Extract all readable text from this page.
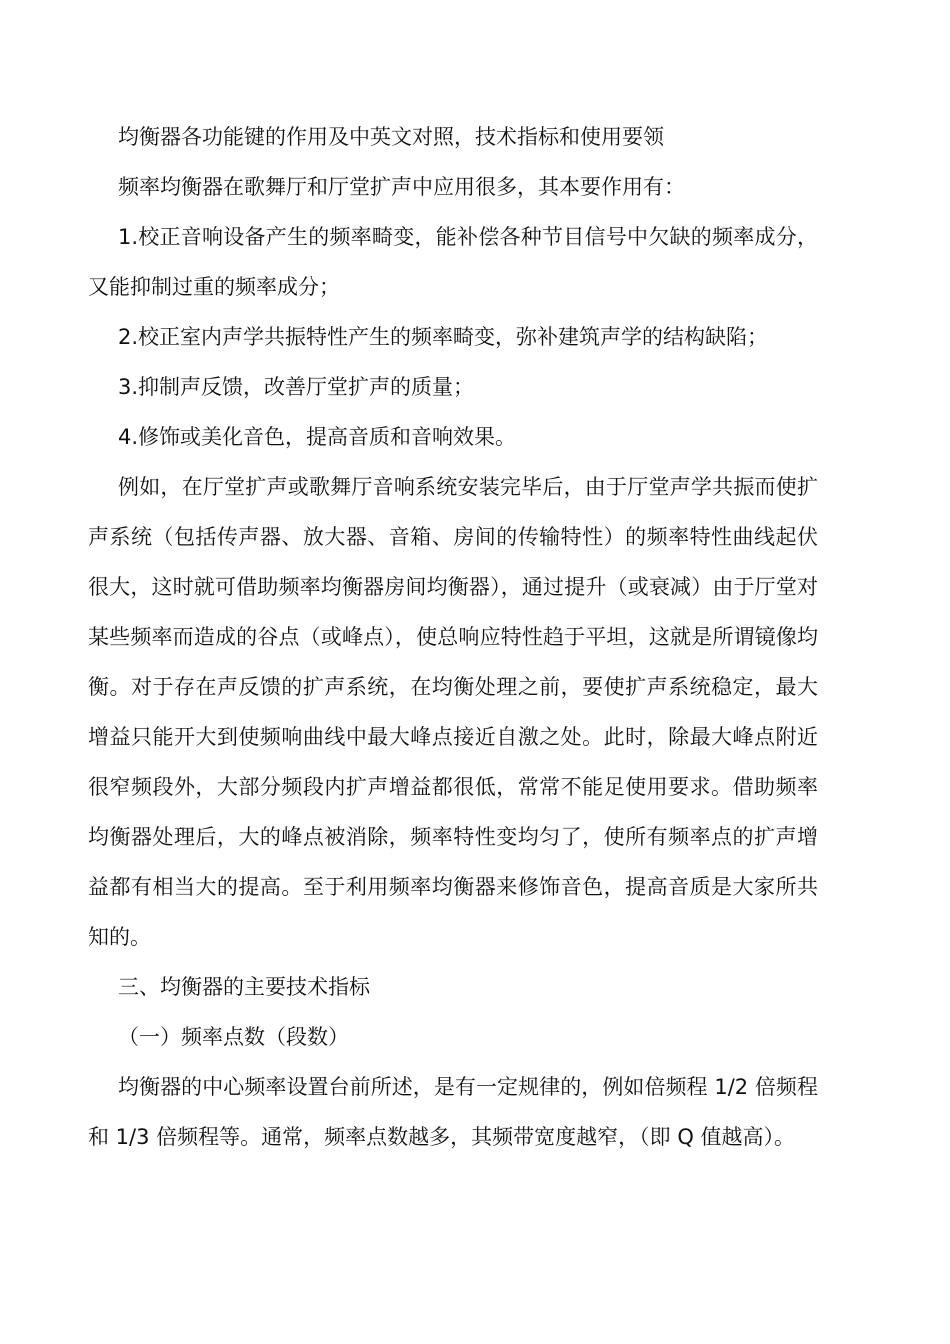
均衡器各功能键的作用及中英文对照，技术指标和使用要领

频率均衡器在歌舞厅和厅堂扩声中应用很多，其本要作用有：

1.校正音响设备产生的频率畸变，能补偿各种节目信号中欠缺的频率成分，又能抑制过重的频率成分；

2.校正室内声学共振特性产生的频率畸变，弥补建筑声学的结构缺陷；

3.抑制声反馈，改善厅堂扩声的质量；

4.修饰或美化音色，提高音质和音响效果。

例如，在厅堂扩声或歌舞厅音响系统安装完毕后，由于厅堂声学共振而使扩声系统（包括传声器、放大器、音箱、房间的传输特性）的频率特性曲线起伏很大，这时就可借助频率均衡器房间均衡器），通过提升（或衰减）由于厅堂对某些频率而造成的谷点（或峰点），使总响应特性趋于平坦，这就是所谓镜像均衡。对于存在声反馈的扩声系统，在均衡处理之前，要使扩声系统稳定，最大增益只能开大到使频响曲线中最大峰点接近自激之处。此时，除最大峰点附近很窄频段外，大部分频段内扩声增益都很低，常常不能足使用要求。借助频率均衡器处理后，大的峰点被消除，频率特性变均匀了，使所有频率点的扩声增益都有相当大的提高。至于利用频率均衡器来修饰音色，提高音质是大家所共知的。

三、均衡器的主要技术指标

（一）频率点数（段数）

均衡器的中心频率设置台前所述，是有一定规律的，例如倍频程 1/2 倍频程和 1/3 倍频程等。通常，频率点数越多，其频带宽度越窄，（即 Q 值越高）。
